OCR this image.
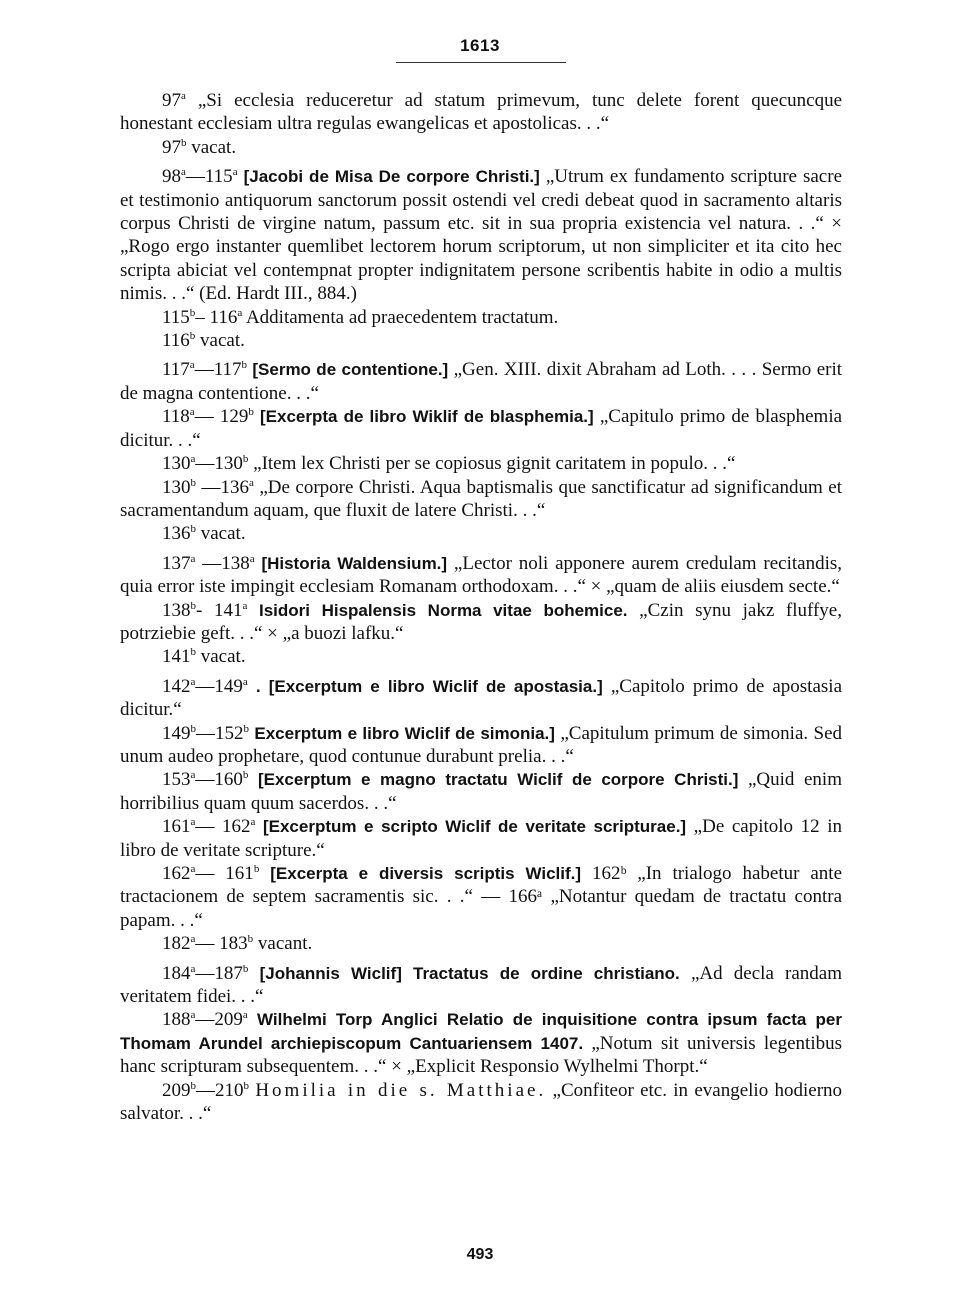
1613

97$^a$ „Si ecclesia reduceretur ad statum primevum, tunc delete forent quecuncque honestant ecclesiam ultra regulas ewangelicas et apostolicas. . .“

97$^b$ vacat.

98$^a$—115$^a$ [Jacobi de Misa De corpore Christi.] „Utrum ex fundamento scripture sacre et testimonio antiquorum sanctorum possit ostendi vel credi debeat quod in sacramento altaris corpus Christi de virgine natum, passum etc. sit in sua propria existencia vel natura. . .“ × „Rogo ergo instanter quemlibet lectorem horum scriptorum, ut non simpliciter et ita cito hec scripta abiciat vel contempnat propter indignitatem persone scribentis habite in odio a multis nimis. . .“ (Ed. Hardt III., 884.)

115$^b$– 116$^a$ Additamenta ad praecedentem tractatum.

116$^b$ vacat.

117$^a$—117$^b$ [Sermo de contentione.] „Gen. XIII. dixit Abraham ad Loth. . . . Sermo erit de magna contentione. . .“

118$^a$— 129$^b$ [Excerpta de libro Wiklif de blasphemia.] „Capitulo primo de blasphemia dicitur. . .“

130$^a$—130$^b$ „Item lex Christi per se copiosus gignit caritatem in populo. . .“

130$^b$ —136$^a$ „De corpore Christi. Aqua baptismalis que sanctificatur ad significandum et sacramentandum aquam, que fluxit de latere Christi. . .“

136$^b$ vacat.

137$^a$ —138$^a$ [Historia Waldensium.] „Lector noli apponere aurem credulam recitandis, quia error iste impingit ecclesiam Romanam orthodoxam. . .“ × „quam de aliis eiusdem secte.“

138$^b$- 141$^a$ Isidori Hispalensis Norma vitae bohemice. „Czin synu jakz fluffye, potrziebie geft. . .“ × „a buozi lafku.“

141$^b$ vacat.

142$^a$—149$^a$ . [Excerptum e libro Wiclif de apostasia.] „Capitolo primo de apostasia dicitur.“

149$^b$—152$^b$ Excerptum e libro Wiclif de simonia.] „Capitulum primum de simonia. Sed unum audeo prophetare, quod contunue durabunt prelia. . .“

153$^a$—160$^b$ [Excerptum e magno tractatu Wiclif de corpore Christi.] „Quid enim horribilius quam quum sacerdos. . .“

161$^a$— 162$^a$ [Excerptum e scripto Wiclif de veritate scripturae.] „De capitolo 12 in libro de veritate scripture.“

162$^a$— 161$^b$ [Excerpta e diversis scriptis Wiclif.] 162ᵇ „In trialogo habetur ante tractacionem de septem sacramentis sic. . .“ — 166ᵃ „Notantur quedam de tractatu contra papam. . .“

182$^a$— 183$^b$ vacant.

184$^a$—187$^b$ [Johannis Wiclif] Tractatus de ordine christiano. „Ad decla randam veritatem fidei. . .“

188$^a$—209$^a$ Wilhelmi Torp Anglici Relatio de inquisitione contra ipsum facta per Thomam Arundel archiepiscopum Cantuariensem 1407. „Notum sit universis legentibus hanc scripturam subsequentem. . .“ × „Explicit Responsio Wylhelmi Thorpt.“

209$^b$—210$^b$ Homilia in die s. Matthiae. „Confiteor etc. in evangelio hodierno salvator. . .“

493
